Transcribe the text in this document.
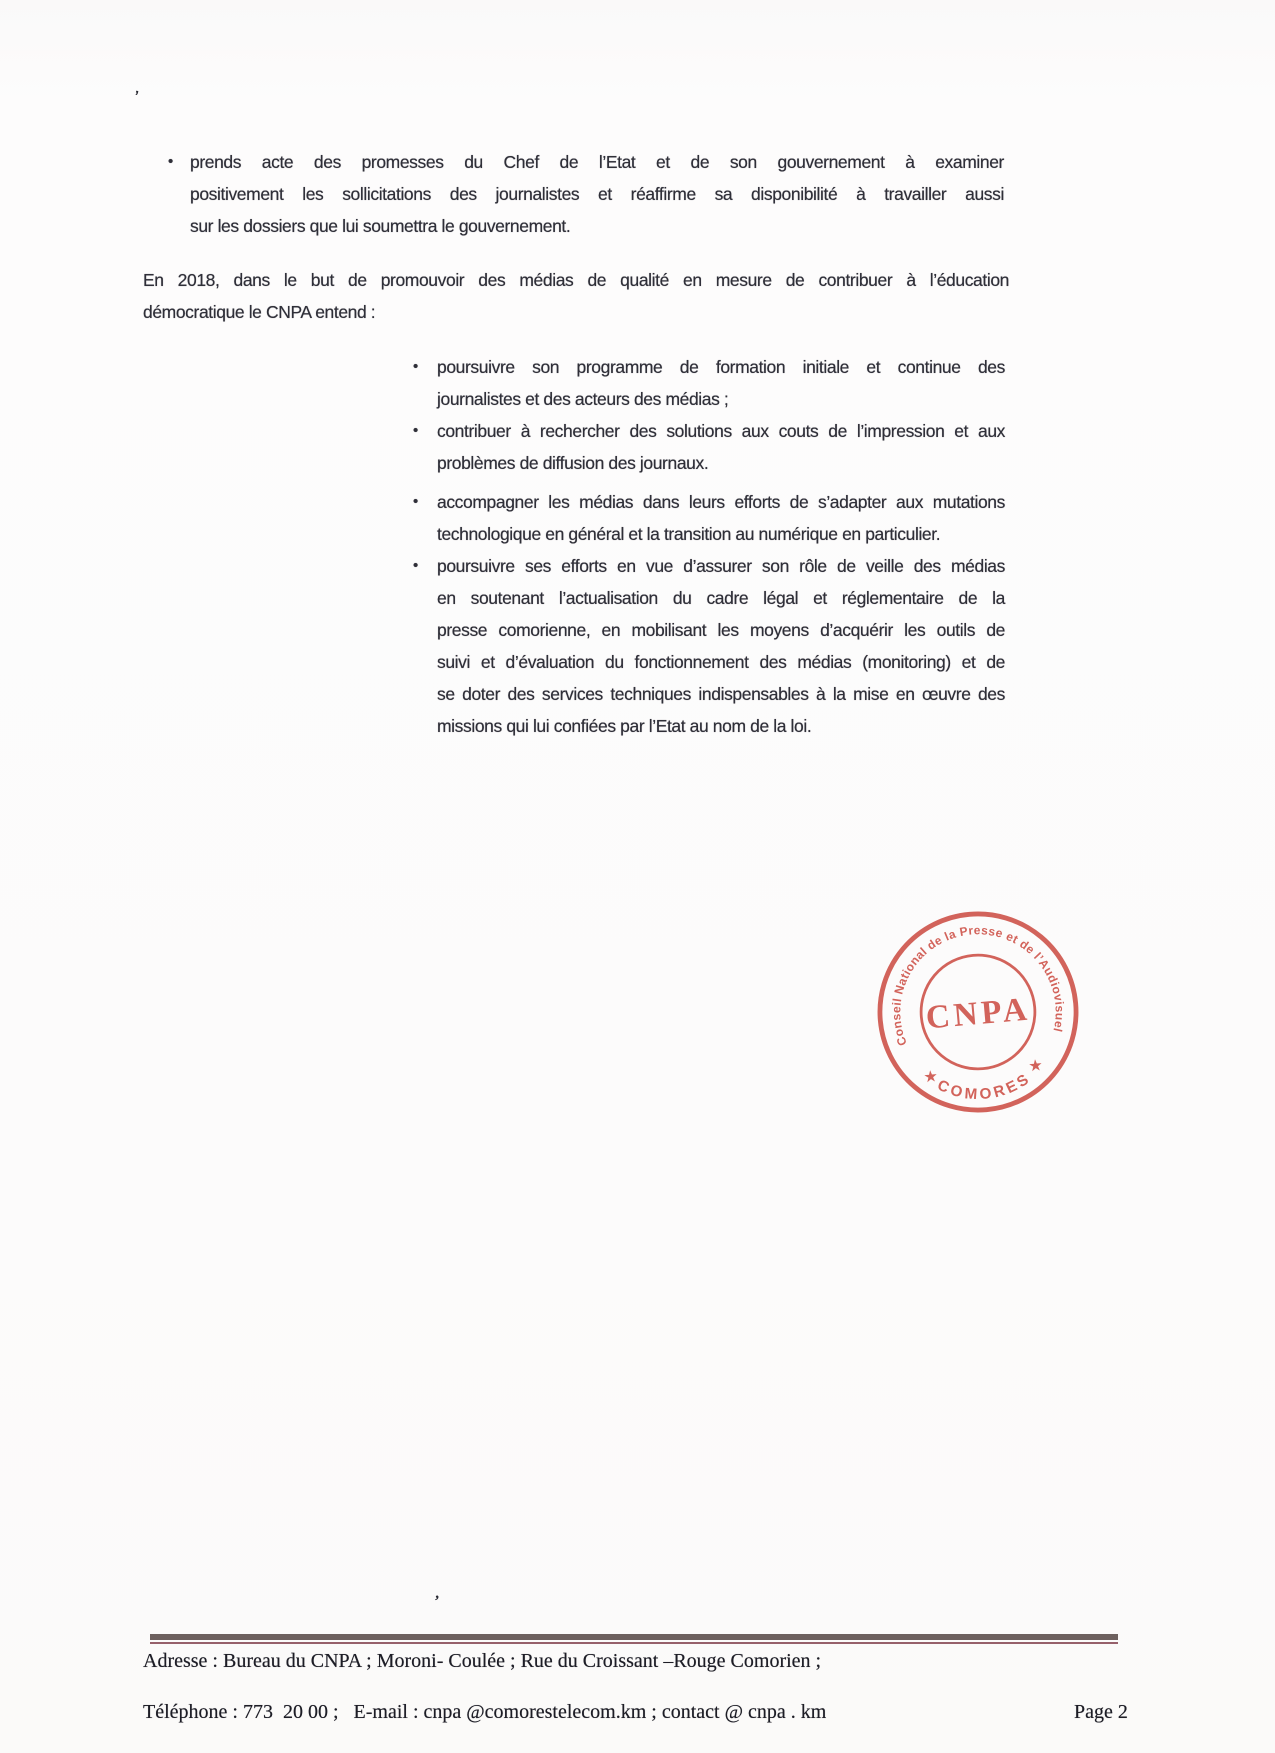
’
• prends acte des promesses du Chef de l’Etat et de son gouvernement à examiner
positivement les sollicitations des journalistes et réaffirme sa disponibilité à travailler aussi
sur les dossiers que lui soumettra le gouvernement.
En 2018, dans le but de promouvoir des médias de qualité en mesure de contribuer à l’éducation
démocratique le CNPA entend :
•	poursuivre son programme de formation initiale et continue des
journalistes et des acteurs des médias ;
•	contribuer à rechercher des solutions aux couts de l’impression et aux
problèmes de diffusion des journaux.
•	accompagner les médias dans leurs efforts de s’adapter aux mutations
technologique en général et la transition au numérique en particulier.
•	poursuivre ses efforts en vue d’assurer son rôle de veille des médias
en soutenant l’actualisation du cadre légal et réglementaire de la
presse comorienne, en mobilisant les moyens d’acquérir les outils de
suivi et d’évaluation du fonctionnement des médias (monitoring) et de
se doter des services techniques indispensables à la mise en œuvre des
missions qui lui confiées par l’Etat au nom de la loi.
Conseil National de la Presse et de l’Audiovisuel
COMORES
★
★
CNPA
’
Adresse : Bureau du CNPA ; Moroni- Coulée ; Rue du Croissant –Rouge Comorien ;
Téléphone : 773  20 00 ;   E-mail : cnpa @comorestelecom.km ; contact @ cnpa . km	Page 2
